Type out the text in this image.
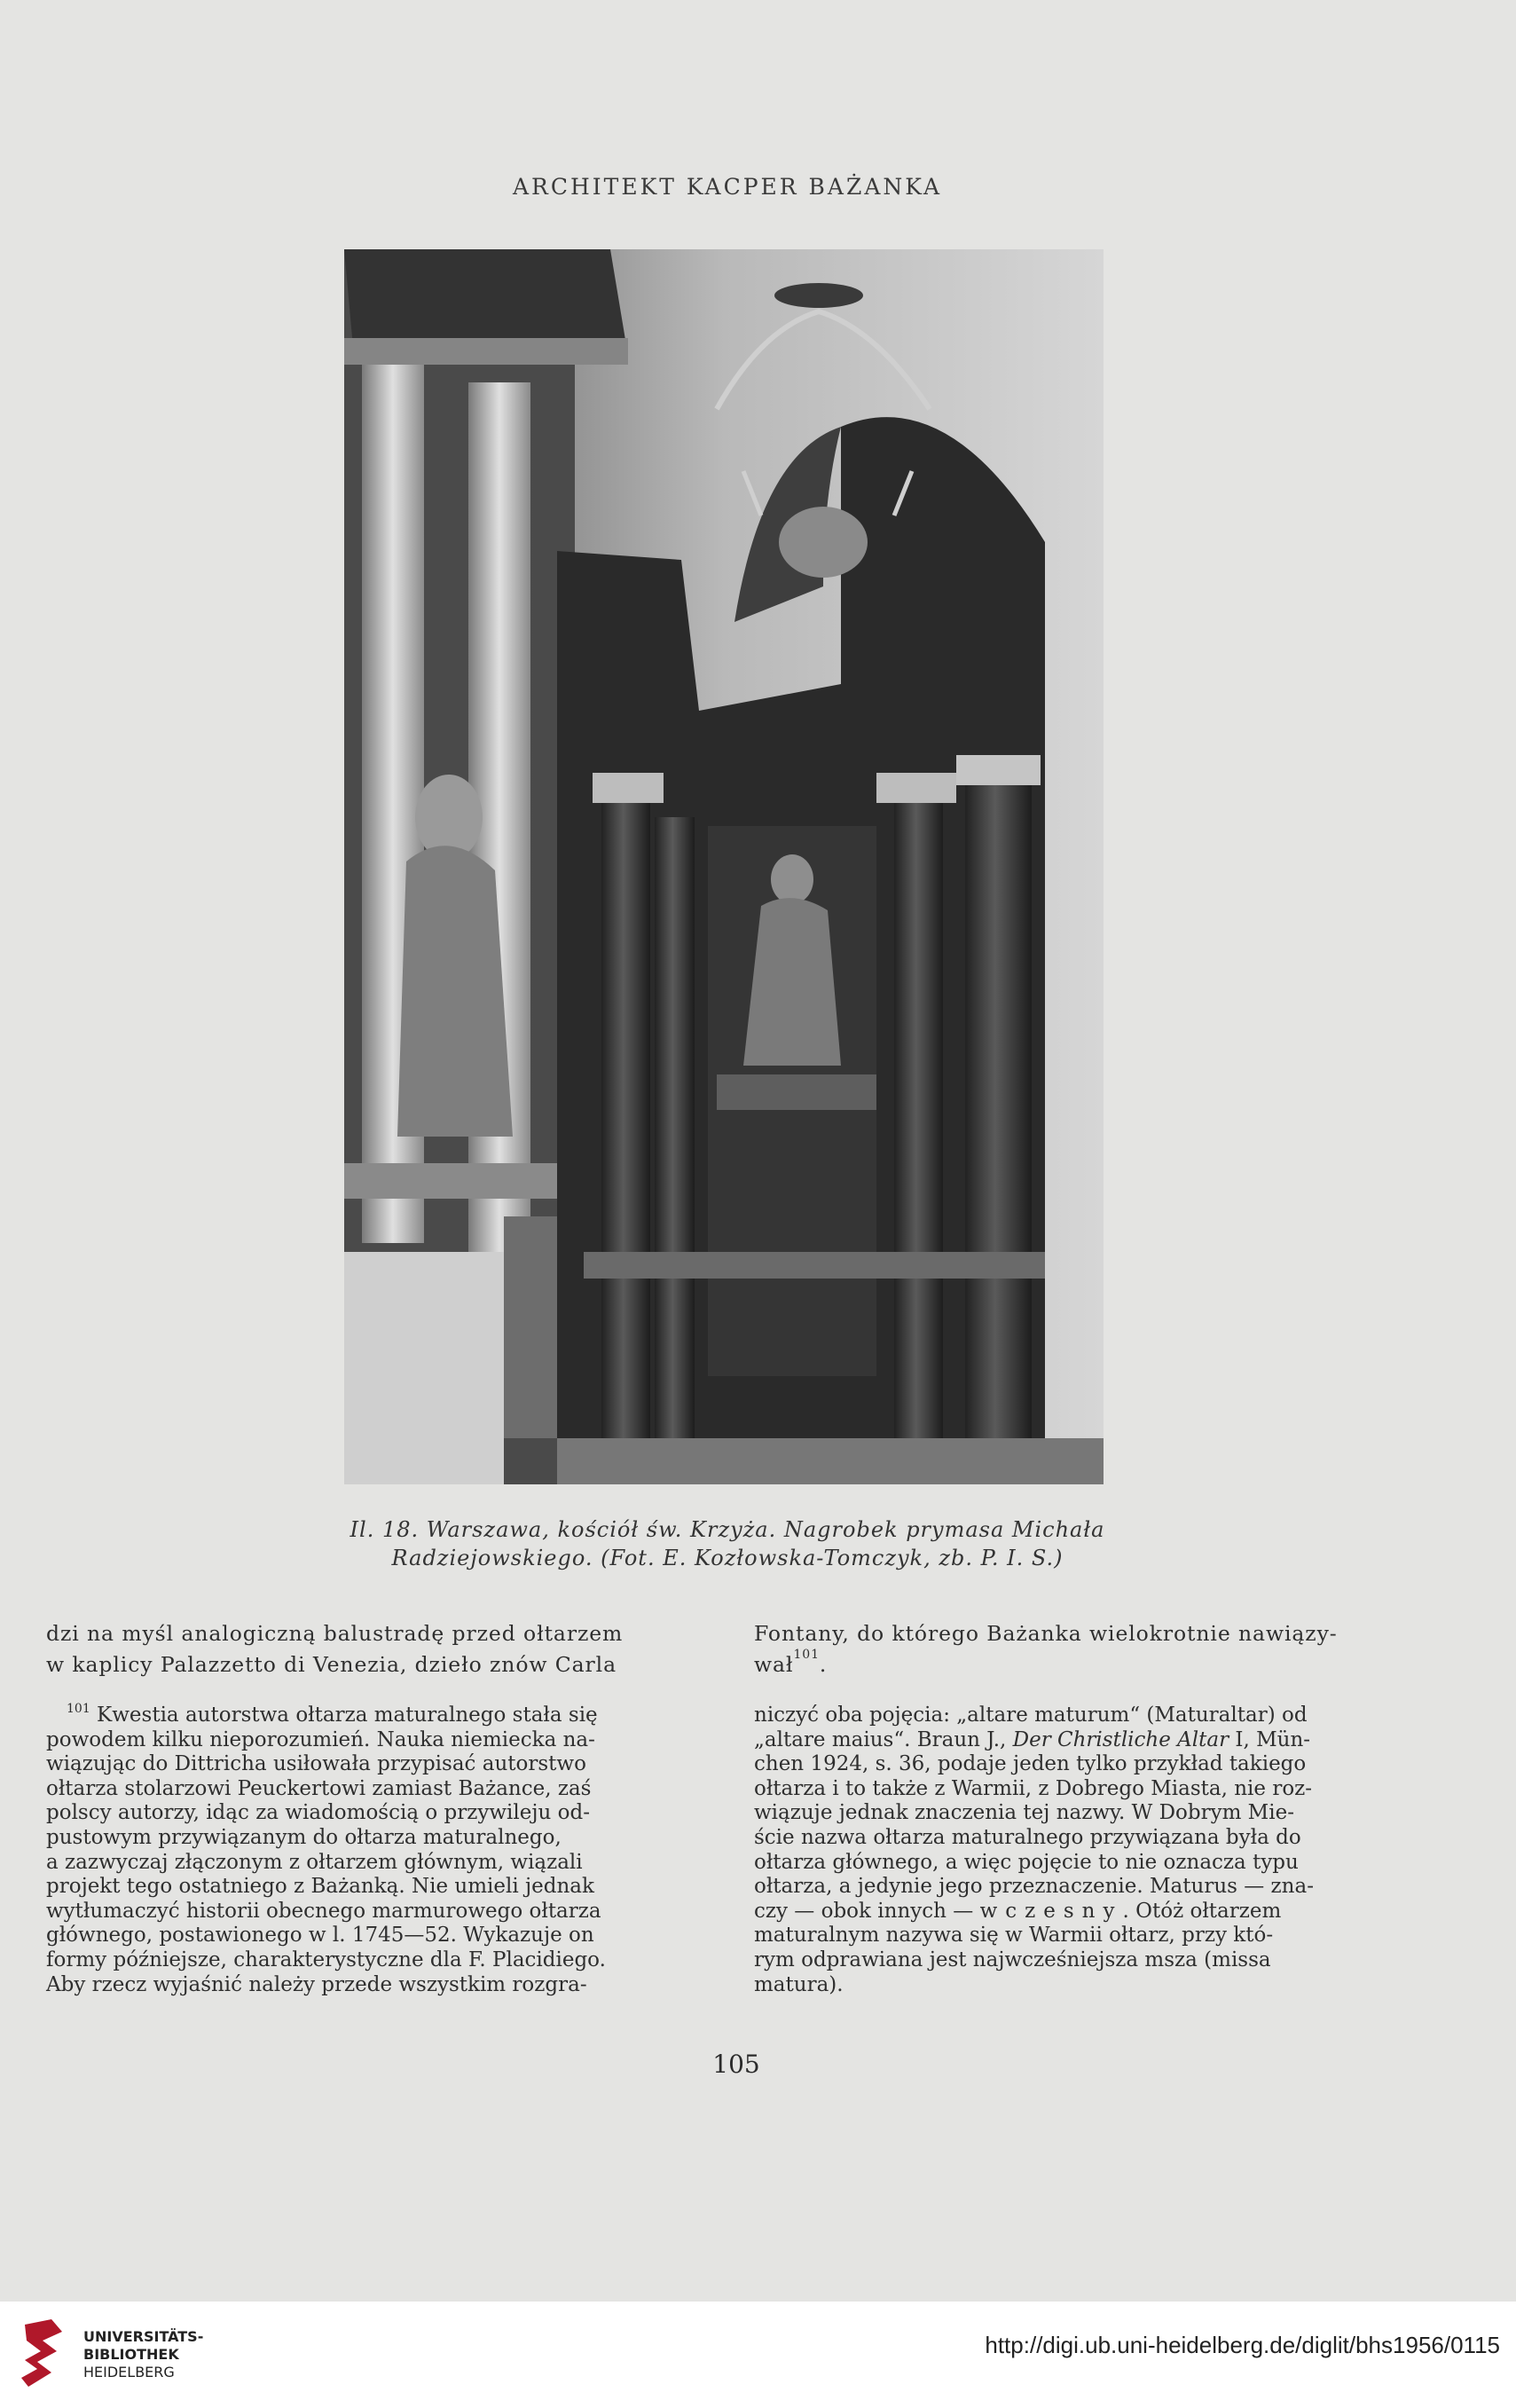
ARCHITEKT KACPER BAŻANKA
Il. 18. Warszawa, kościół św. Krzyża. Nagrobek prymasa Michała
Radziejowskiego. (Fot. E. Kozłowska-Tomczyk, zb. P. I. S.)
dzi na myśl analogiczną balustradę przed ołtarzem
w kaplicy Palazzetto di Venezia, dzieło znów Carla
Fontany, do którego Bażanka wielokrotnie nawiązy-
wał$^{101}$.
 $^{101}$ Kwestia autorstwa ołtarza maturalnego stała się
powodem kilku nieporozumień. Nauka niemiecka na-
wiązując do Dittricha usiłowała przypisać autorstwo
ołtarza stolarzowi Peuckertowi zamiast Bażance, zaś
polscy autorzy, idąc za wiadomością o przywileju od-
pustowym przywiązanym do ołtarza maturalnego,
a zazwyczaj złączonym z ołtarzem głównym, wiązali
projekt tego ostatniego z Bażanką. Nie umieli jednak
wytłumaczyć historii obecnego marmurowego ołtarza
głównego, postawionego w l. 1745—52. Wykazuje on
formy późniejsze, charakterystyczne dla F. Placidiego.
Aby rzecz wyjaśnić należy przede wszystkim rozgra-
niczyć oba pojęcia: „altare maturum“ (Maturaltar) od
„altare maius“. Braun J., Der Christliche Altar I, Mün-
chen 1924, s. 36, podaje jeden tylko przykład takiego
ołtarza i to także z Warmii, z Dobrego Miasta, nie roz-
wiązuje jednak znaczenia tej nazwy. W Dobrym Mie-
ście nazwa ołtarza maturalnego przywiązana była do
ołtarza głównego, a więc pojęcie to nie oznacza typu
ołtarza, a jedynie jego przeznaczenie. Maturus — zna-
czy — obok innych — wczesny. Otóż ołtarzem
maturalnym nazywa się w Warmii ołtarz, przy któ-
rym odprawiana jest najwcześniejsza msza (missa
matura).
105
UNIVERSITÄTS-
BIBLIOTHEK
HEIDELBERG
http://digi.ub.uni-heidelberg.de/diglit/bhs1956/0115
